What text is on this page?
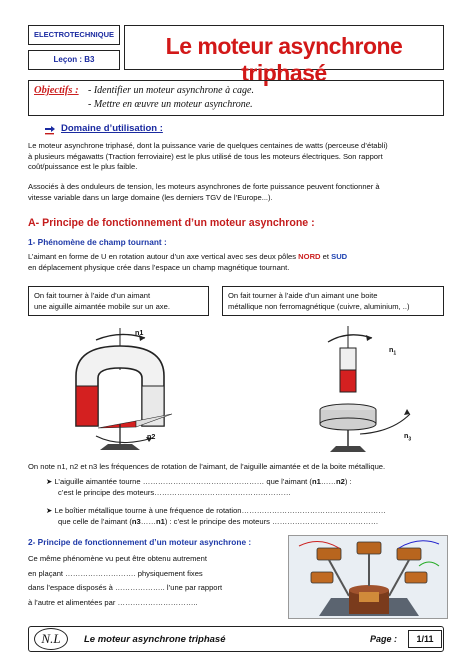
ELECTROTECHNIQUE
Leçon : B3
Le moteur asynchrone triphasé
Objectifs : - Identifier un moteur asynchrone à cage.
- Mettre en œuvre un moteur asynchrone.
Domaine d’utilisation :
Le moteur asynchrone triphasé, dont la puissance varie de quelques centaines de watts (perceuse d’établi)
à plusieurs mégawatts (Traction ferroviaire) est le plus utilisé de tous les moteurs électriques. Son rapport
coût/puissance est le plus faible.
Associés à des onduleurs de tension, les moteurs asynchrones de forte puissance peuvent fonctionner à
vitesse variable dans un large domaine (les derniers TGV de l’Europe...).
A- Principe de fonctionnement d’un moteur asynchrone :
1- Phénomène de champ tournant :
L’aimant en forme de U en rotation autour d’un axe vertical avec ses deux pôles NORD et SUD
en déplacement physique crée dans l’espace un champ magnétique tournant.
On fait tourner à l’aide d’un aimant
une aiguille aimantée mobile sur un axe.
On fait tourner à l’aide d’un aimant une boite
métallique non ferromagnétique (cuivre, aluminium, ..)
n1
n2
$n_1$
$n_3$
On note n1, n2 et n3 les fréquences de rotation de l’aimant, de l’aiguille aimantée et de la boite métallique.
➤ L’aiguille aimantée tourne ………………………………………… que l’aimant (n1……n2) :
c’est le principe des moteurs………………………………………………
➤ Le boîtier métallique tourne à une fréquence de rotation…………………………………………………
que celle de l’aimant (n3……n1) : c’est le principe des moteurs ……………………………………
2- Principe de fonctionnement d’un moteur asynchrone :
Ce même phénomène vu peut être obtenu autrement
en plaçant ………………………. physiquement fixes
dans l’espace disposés à ……………….. l’une par rapport
à l’autre et alimentées par …………………………..
N.L	Le moteur asynchrone triphasé	Page :	1/11
